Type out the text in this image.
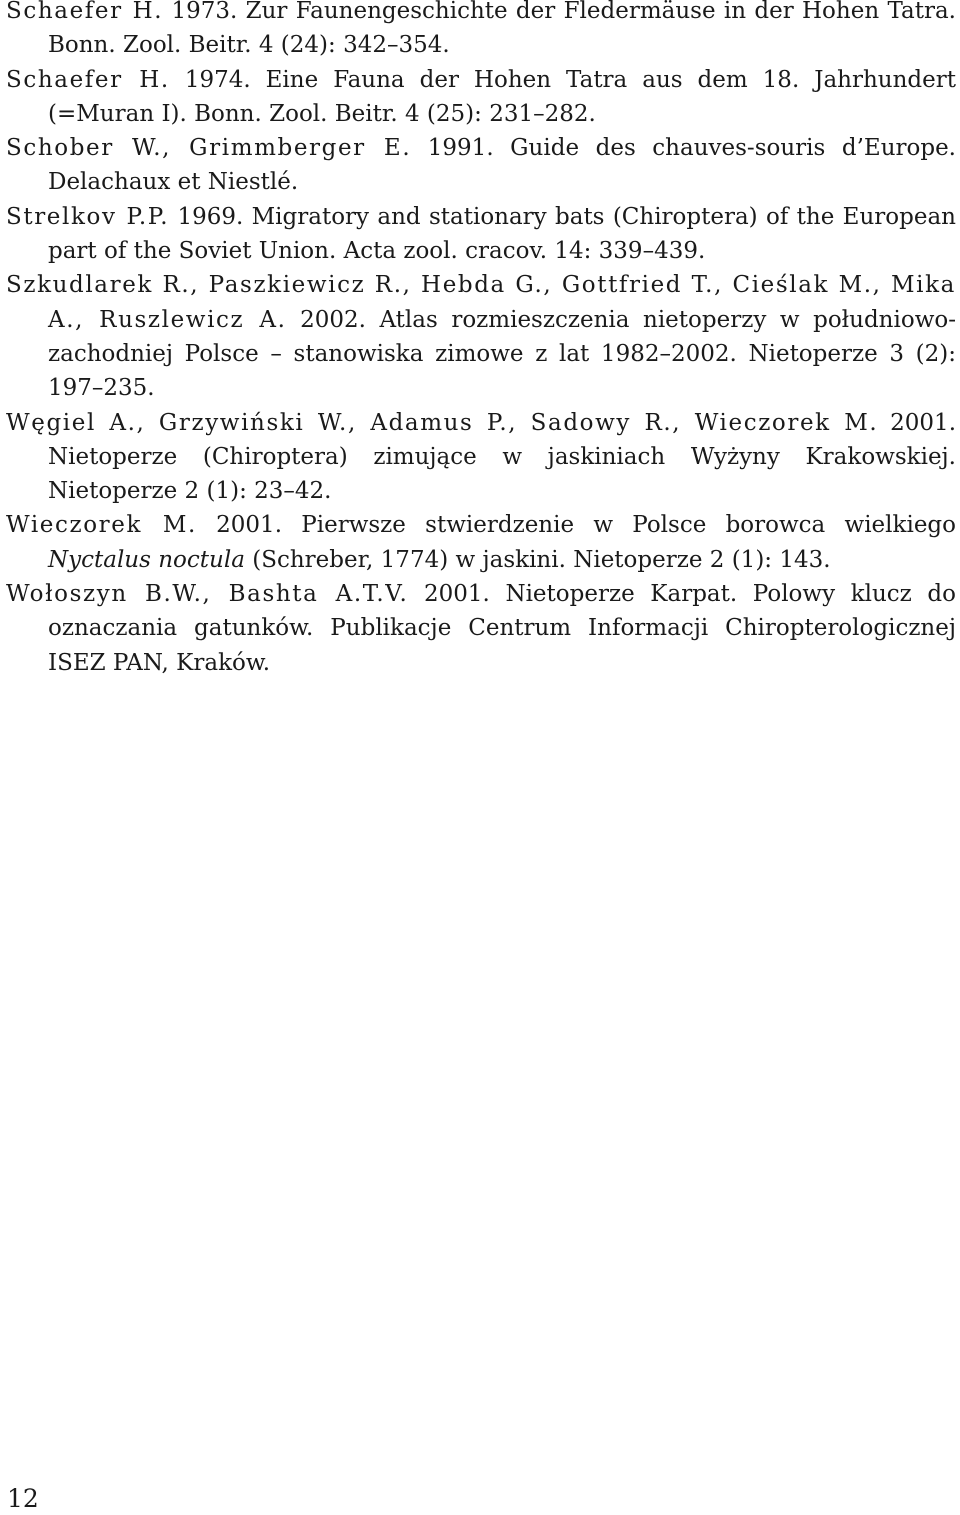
Schaefer H. 1973. Zur Faunengeschichte der Fledermäuse in der Hohen Tatra. Bonn. Zool. Beitr. 4 (24): 342–354.

Schaefer H. 1974. Eine Fauna der Hohen Tatra aus dem 18. Jahrhundert (=Muran I). Bonn. Zool. Beitr. 4 (25): 231–282.

Schober W., Grimmberger E. 1991. Guide des chauves-souris d’Europe. Delachaux et Niestlé.

Strelkov P.P. 1969. Migratory and stationary bats (Chiroptera) of the European part of the Soviet Union. Acta zool. cracov. 14: 339–439.

Szkudlarek R., Paszkiewicz R., Hebda G., Gottfried T., Cieślak M., Mika A., Ruszlewicz A. 2002. Atlas rozmieszczenia nietoperzy w południowo-zachodniej Polsce – stanowiska zimowe z lat 1982–2002. Nietoperze 3 (2): 197–235.

Węgiel A., Grzywiński W., Adamus P., Sadowy R., Wieczorek M. 2001. Nietoperze (Chiroptera) zimujące w jaskiniach Wyżyny Krakowskiej. Nietoperze 2 (1): 23–42.

Wieczorek M. 2001. Pierwsze stwierdzenie w Polsce borowca wielkiego Nyctalus noctula (Schreber, 1774) w jaskini. Nietoperze 2 (1): 143.

Wołoszyn B.W., Bashta A.T.V. 2001. Nietoperze Karpat. Polowy klucz do oznaczania gatunków. Publikacje Centrum Informacji Chiropterologicznej ISEZ PAN, Kraków.

12
